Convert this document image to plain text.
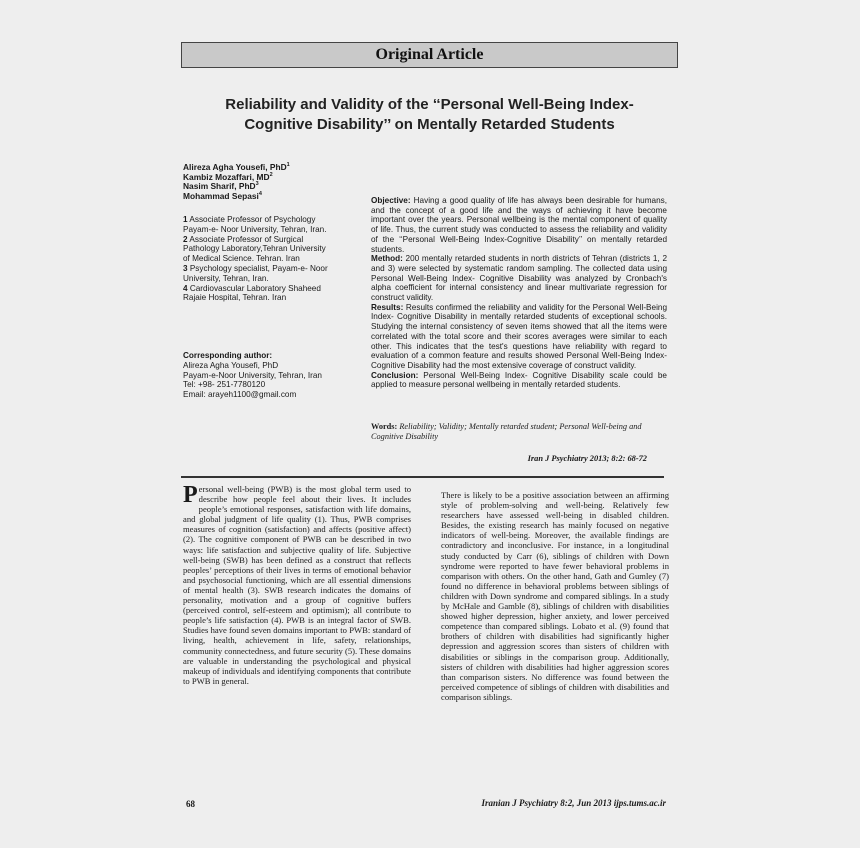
Original Article
Reliability and Validity of the ‘‘Personal Well-Being Index-
Cognitive Disability’’ on Mentally Retarded Students
Alireza Agha Yousefi, PhD$^1$
Kambiz Mozaffari, $MD^2$
Nasim Sharif, PhD$^3$
Mohammad Sepasi$^4$
1 Associate Professor of Psychology Payam-e- Noor University, Tehran, Iran.
2 Associate Professor of Surgical Pathology Laboratory,Tehran University of Medical Science. Tehran. Iran
3 Psychology specialist, Payam-e- Noor University, Tehran, Iran.
4 Cardiovascular Laboratory Shaheed Rajaie Hospital, Tehran. Iran
Corresponding author:
Alireza Agha Yousefi, PhD
Payam-e-Noor University, Tehran, Iran
Tel: +98- 251-7780120
Email: arayeh1100@gmail.com
Objective: Having a good quality of life has always been desirable for humans, and the concept of a good life and the ways of achieving it have become important over the years. Personal wellbeing is the mental component of quality of life. Thus, the current study was conducted to assess the reliability and validity of the ‘‘Personal Well-Being Index-Cognitive Disability’’ on mentally retarded students.
Method: 200 mentally retarded students in north districts of Tehran (districts 1, 2 and 3) were selected by systematic random sampling. The collected data using Personal Well-Being Index- Cognitive Disability was analyzed by Cronbach's alpha coefficient for internal consistency and linear multivariate regression for construct validity.
Results: Results confirmed the reliability and validity for the Personal Well-Being Index- Cognitive Disability in mentally retarded students of exceptional schools. Studying the internal consistency of seven items showed that all the items were correlated with the total score and their scores averages were similar to each other. This indicates that the test's questions have reliability with regard to evaluation of a common feature and results showed Personal Well-Being Index- Cognitive Disability had the most extensive coverage of construct validity.
Conclusion: Personal Well-Being Index- Cognitive Disability scale could be applied to measure personal wellbeing in mentally retarded students.
Words: Reliability; Validity; Mentally retarded student; Personal Well-being and Cognitive Disability
Iran J Psychiatry 2013; 8:2: 68-72
Personal well-being (PWB) is the most global term used to describe how people feel about their lives. It includes people’s emotional responses, satisfaction with life domains, and global judgment of life quality (1). Thus, PWB comprises measures of cognition (satisfaction) and affects (positive affect) (2). The cognitive component of PWB can be described in two ways: life satisfaction and subjective quality of life. Subjective well-being (SWB) has been defined as a construct that reflects peoples’ perceptions of their lives in terms of emotional behavior and psychosocial functioning, which are all essential dimensions of mental health (3). SWB research indicates the domains of personality, motivation and a group of cognitive buffers (perceived control, self-esteem and optimism); all contribute to people’s life satisfaction (4). PWB is an integral factor of SWB. Studies have found seven domains important to PWB: standard of living, health, achievement in life, safety, relationships, community connectedness, and future security (5). These domains are valuable in understanding the psychological and physical makeup of individuals and identifying components that contribute to PWB in general.
There is likely to be a positive association between an affirming style of problem-solving and well-being. Relatively few researchers have assessed well-being in disabled children. Besides, the existing research has mainly focused on negative indicators of well-being. Moreover, the available findings are contradictory and inconclusive. For instance, in a longitudinal study conducted by Carr (6), siblings of children with Down syndrome were reported to have fewer behavioral problems in comparison with others. On the other hand, Gath and Gumley (7) found no difference in behavioral problems between siblings of children with Down syndrome and compared siblings. In a study by McHale and Gamble (8), siblings of children with disabilities showed higher depression, higher anxiety, and lower perceived competence than compared siblings. Lobato et al. (9) found that brothers of children with disabilities had significantly higher depression and aggression scores than sisters of children with disabilities or siblings in the comparison group. Additionally, sisters of children with disabilities had higher aggression scores than comparison sisters. No difference was found between the perceived competence of siblings of children with disabilities and comparison siblings.
68	Iranian J Psychiatry 8:2, Jun 2013 ijps.tums.ac.ir
